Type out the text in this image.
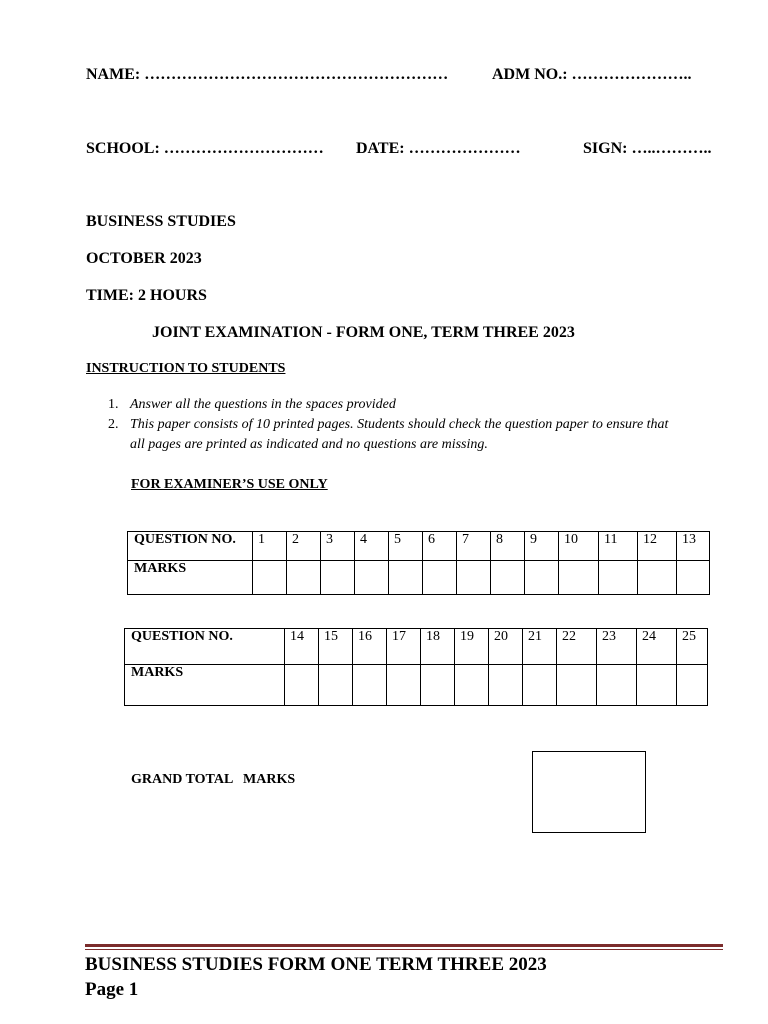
NAME: …………………………………………………	ADM NO.: …………………..
SCHOOL: ………………………… DATE: …………………	SIGN: …..………..
BUSINESS STUDIES
OCTOBER 2023
TIME: 2 HOURS
JOINT EXAMINATION - FORM ONE, TERM THREE 2023
INSTRUCTION TO STUDENTS
1. Answer all the questions in the spaces provided
2. This paper consists of 10 printed pages. Students should check the question paper to ensure that
all pages are printed as indicated and no questions are missing.
FOR EXAMINER’S USE ONLY
QUESTION NO.	1	2	3	4	5	6	7	8	9	10	11	12	13
MARKS													
QUESTION NO.	14	15	16	17	18	19	20	21	22	23	24	25
MARKS												
GRAND TOTAL   MARKS
BUSINESS STUDIES FORM ONE TERM THREE 2023
Page 1
